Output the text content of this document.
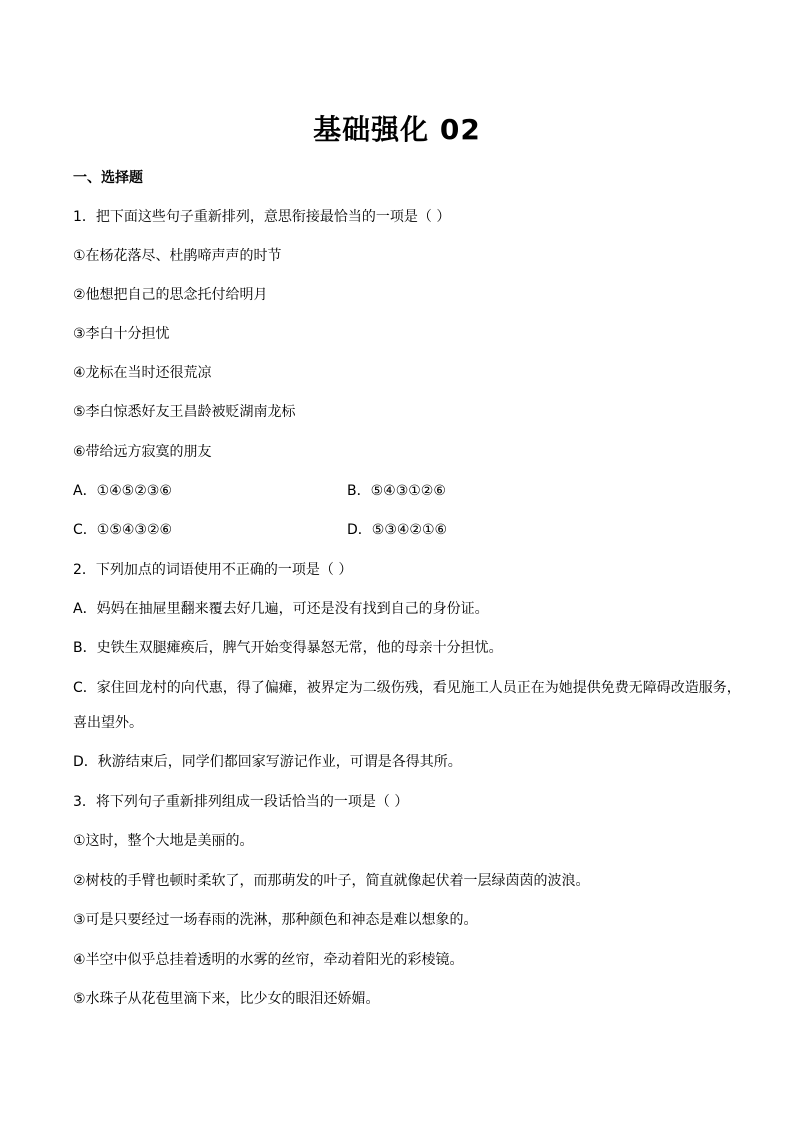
基础强化 02
一、选择题
1．把下面这些句子重新排列，意思衔接最恰当的一项是（ ）
①在杨花落尽、杜鹃啼声声的时节
②他想把自己的思念托付给明月
③李白十分担忧
④龙标在当时还很荒凉
⑤李白惊悉好友王昌龄被贬湖南龙标
⑥带给远方寂寞的朋友
A．①④⑤②③⑥	B．⑤④③①②⑥
C．①⑤④③②⑥	D．⑤③④②①⑥
2．下列加点的词语使用不正确的一项是（ ）
A．妈妈在抽屉里翻来覆去好几遍，可还是没有找到自己的身份证。
B．史铁生双腿瘫痪后，脾气开始变得暴怒无常，他的母亲十分担忧。
C．家住回龙村的向代惠，得了偏瘫，被界定为二级伤残，看见施工人员正在为她提供免费无障碍改造服务，
喜出望外。
D．秋游结束后，同学们都回家写游记作业，可谓是各得其所。
3．将下列句子重新排列组成一段话恰当的一项是（ ）
①这时，整个大地是美丽的。
②树枝的手臂也顿时柔软了，而那萌发的叶子，简直就像起伏着一层绿茵茵的波浪。
③可是只要经过一场春雨的洗淋，那种颜色和神态是难以想象的。
④半空中似乎总挂着透明的水雾的丝帘，牵动着阳光的彩棱镜。
⑤水珠子从花苞里滴下来，比少女的眼泪还娇媚。
